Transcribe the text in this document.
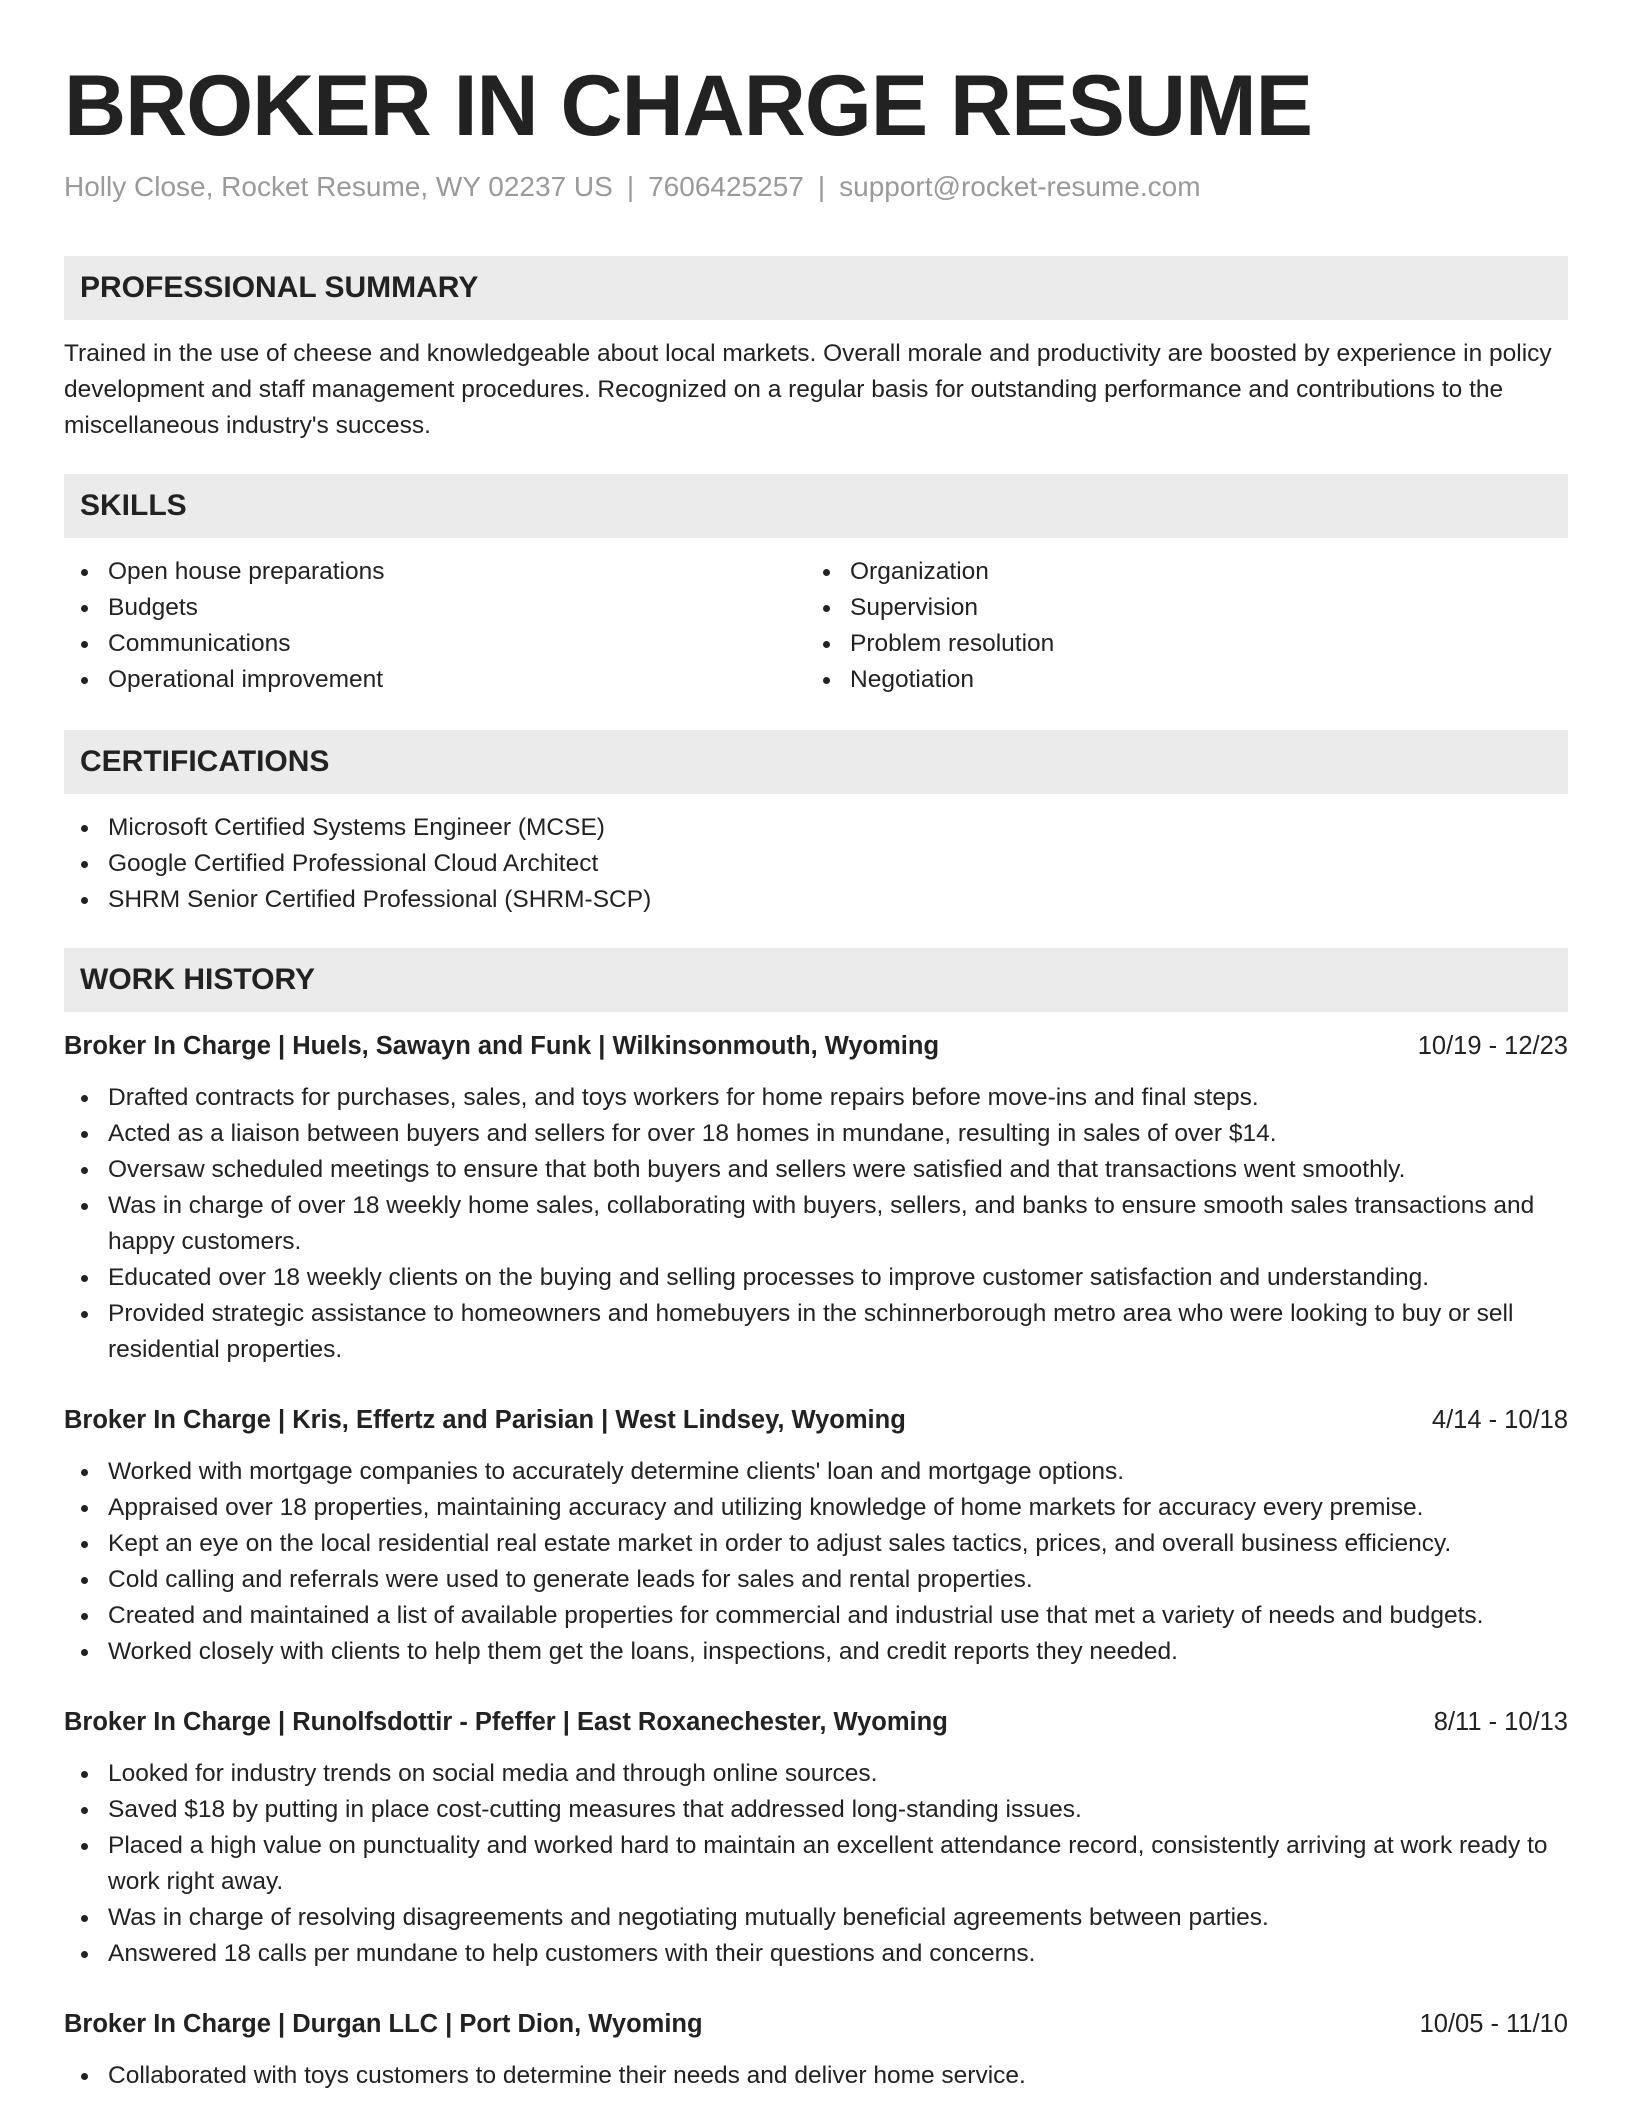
BROKER IN CHARGE RESUME
Holly Close, Rocket Resume, WY 02237 US | 7606425257 | support@rocket-resume.com
PROFESSIONAL SUMMARY

Trained in the use of cheese and knowledgeable about local markets. Overall morale and productivity are boosted by experience in policy development and staff management procedures. Recognized on a regular basis for outstanding performance and contributions to the miscellaneous industry's success.

SKILLS
Open house preparations
Budgets
Communications
Operational improvement
Organization
Supervision
Problem resolution
Negotiation
CERTIFICATIONS
Microsoft Certified Systems Engineer (MCSE)
Google Certified Professional Cloud Architect
SHRM Senior Certified Professional (SHRM-SCP)
WORK HISTORY
Broker In Charge | Huels, Sawayn and Funk | Wilkinsonmouth, Wyoming	10/19 - 12/23
Drafted contracts for purchases, sales, and toys workers for home repairs before move-ins and final steps.
Acted as a liaison between buyers and sellers for over 18 homes in mundane, resulting in sales of over $14.
Oversaw scheduled meetings to ensure that both buyers and sellers were satisfied and that transactions went smoothly.
Was in charge of over 18 weekly home sales, collaborating with buyers, sellers, and banks to ensure smooth sales transactions and happy customers.
Educated over 18 weekly clients on the buying and selling processes to improve customer satisfaction and understanding.
Provided strategic assistance to homeowners and homebuyers in the schinnerborough metro area who were looking to buy or sell residential properties.
Broker In Charge | Kris, Effertz and Parisian | West Lindsey, Wyoming	4/14 - 10/18
Worked with mortgage companies to accurately determine clients' loan and mortgage options.
Appraised over 18 properties, maintaining accuracy and utilizing knowledge of home markets for accuracy every premise.
Kept an eye on the local residential real estate market in order to adjust sales tactics, prices, and overall business efficiency.
Cold calling and referrals were used to generate leads for sales and rental properties.
Created and maintained a list of available properties for commercial and industrial use that met a variety of needs and budgets.
Worked closely with clients to help them get the loans, inspections, and credit reports they needed.
Broker In Charge | Runolfsdottir - Pfeffer | East Roxanechester, Wyoming	8/11 - 10/13
Looked for industry trends on social media and through online sources.
Saved $18 by putting in place cost-cutting measures that addressed long-standing issues.
Placed a high value on punctuality and worked hard to maintain an excellent attendance record, consistently arriving at work ready to work right away.
Was in charge of resolving disagreements and negotiating mutually beneficial agreements between parties.
Answered 18 calls per mundane to help customers with their questions and concerns.
Broker In Charge | Durgan LLC | Port Dion, Wyoming	10/05 - 11/10
Collaborated with toys customers to determine their needs and deliver home service.
